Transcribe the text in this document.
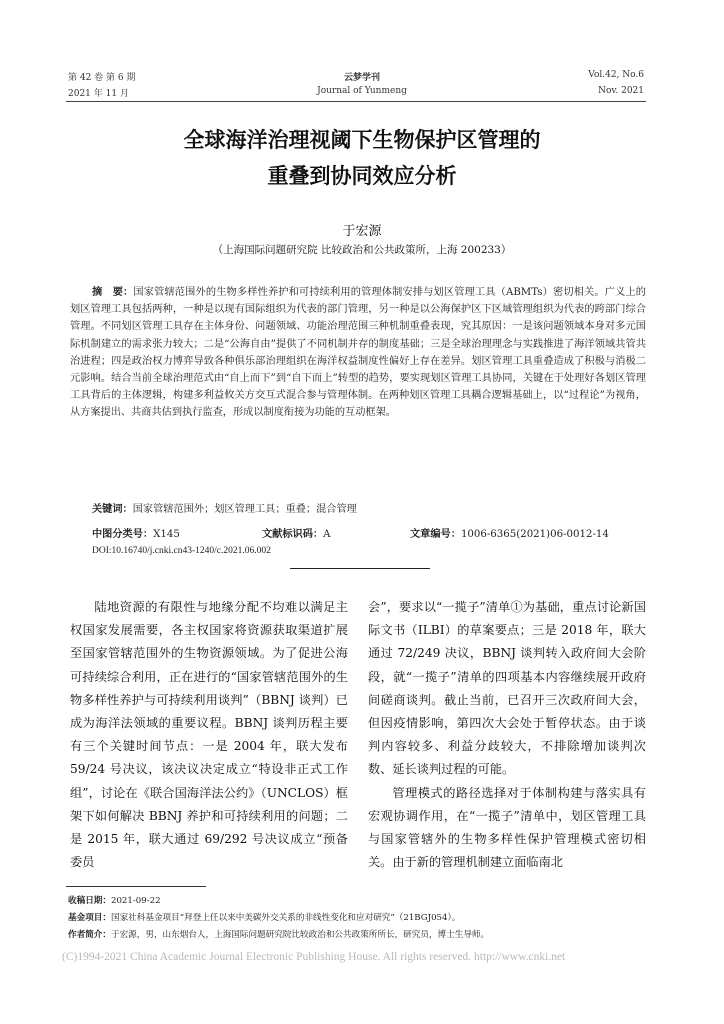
第 42 卷 第 6 期
2021 年 11 月
云梦学刊
Journal of Yunmeng
Vol.42, No.6
Nov. 2021
全球海洋治理视阈下生物保护区管理的
重叠到协同效应分析
于宏源
（上海国际问题研究院 比较政治和公共政策所，上海 200233）
摘　要：国家管辖范围外的生物多样性养护和可持续利用的管理体制安排与划区管理工具（ABMTs）密切相关。广义上的划区管理工具包括两种，一种是以现有国际组织为代表的部门管理，另一种是以公海保护区下区域管理组织为代表的跨部门综合管理。不同划区管理工具存在主体身份、问题领域、功能治理范围三种机制重叠表现，究其原因：一是该问题领域本身对多元国际机制建立的需求张力较大；二是“公海自由”提供了不同机制并存的制度基础；三是全球治理理念与实践推进了海洋领域共管共治进程；四是政治权力博弈导致各种俱乐部治理组织在海洋权益制度性偏好上存在差异。划区管理工具重叠造成了积极与消极二元影响。结合当前全球治理范式由“自上而下”到“自下而上”转型的趋势，要实现划区管理工具协同，关键在于处理好各划区管理工具背后的主体逻辑，构建多利益攸关方交互式混合参与管理体制。在两种划区管理工具耦合逻辑基础上，以“过程论”为视角，从方案提出、共商共估到执行监查，形成以制度衔接为功能的互动框架。
关键词：国家管辖范围外；划区管理工具；重叠；混合管理
中图分类号：X145	文献标识码：A	文章编号：1006-6365(2021)06-0012-14
DOI:10.16740/j.cnki.cn43-1240/c.2021.06.002

陆地资源的有限性与地缘分配不均难以满足主权国家发展需要，各主权国家将资源获取渠道扩展至国家管辖范围外的生物资源领域。为了促进公海可持续综合利用，正在进行的“国家管辖范围外的生物多样性养护与可持续利用谈判”（BBNJ 谈判）已成为海洋法领域的重要议程。BBNJ 谈判历程主要有三个关键时间节点：一是 2004 年，联大发布 59/24 号决议，该决议决定成立“特设非正式工作组”，讨论在《联合国海洋法公约》（UNCLOS）框架下如何解决 BBNJ 养护和可持续利用的问题；二是 2015 年，联大通过 69/292 号决议成立“预备委员

会”，要求以“一揽子”清单①为基础，重点讨论新国际文书（ILBI）的草案要点；三是 2018 年，联大通过 72/249 决议，BBNJ 谈判转入政府间大会阶段，就“一揽子”清单的四项基本内容继续展开政府间磋商谈判。截止当前，已召开三次政府间大会，但因疫情影响，第四次大会处于暂停状态。由于谈判内容较多、利益分歧较大，不排除增加谈判次数、延长谈判过程的可能。

管理模式的路径选择对于体制构建与落实具有宏观协调作用，在“一揽子”清单中，划区管理工具与国家管辖外的生物多样性保护管理模式密切相关。由于新的管理机制建立面临南北

收稿日期：2021-09-22
基金项目：国家社科基金项目“拜登上任以来中美碳外交关系的非线性变化和应对研究”（21BGJ054）。
作者简介：于宏源，男，山东烟台人，上海国际问题研究院比较政治和公共政策所所长，研究员，博士生导师。
(C)1994-2021 China Academic Journal Electronic Publishing House. All rights reserved. http://www.cnki.net
